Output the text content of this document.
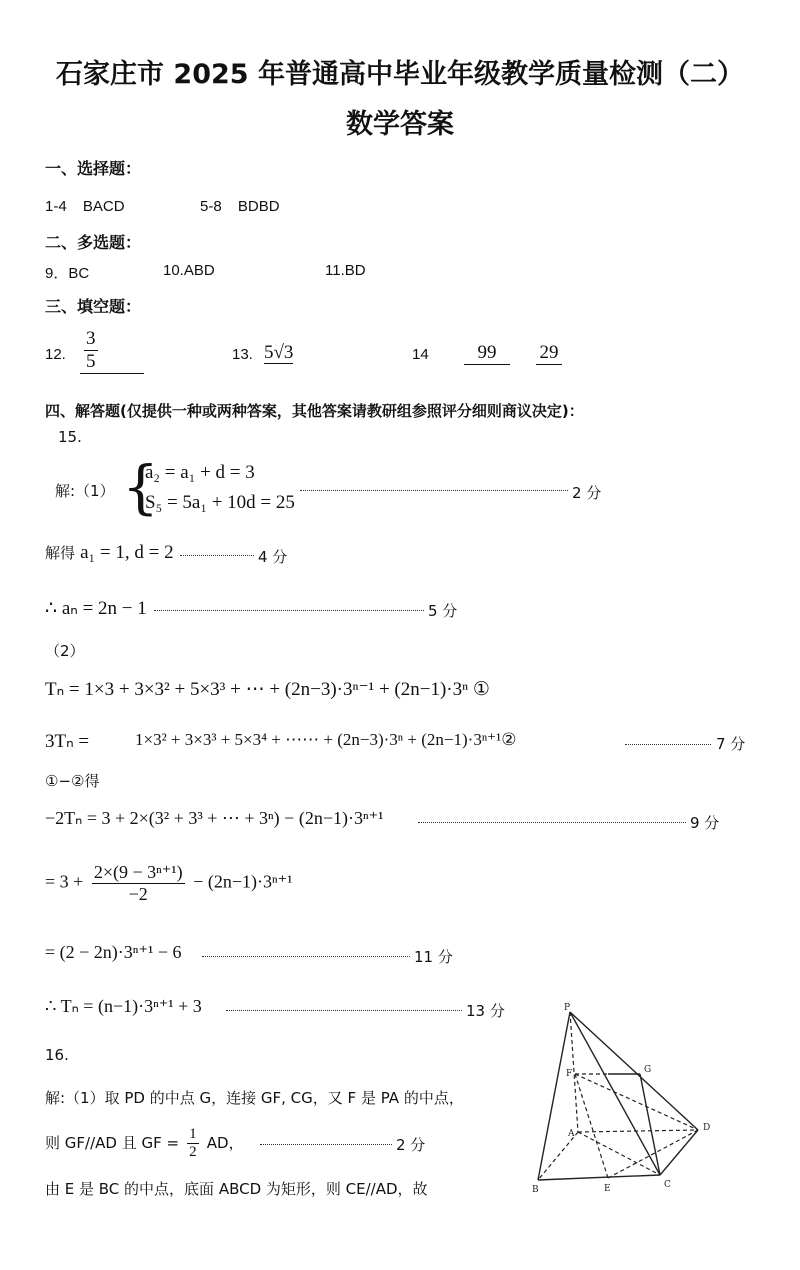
石家庄市 2025 年普通高中毕业年级教学质量检测（二）
数学答案
一、选择题：
1-4 BACD	5-8 BDBD
二、多选题：
9．BC	10.ABD	11.BD
三、填空题：
12. $\frac{3}{5}$	13. 5√3	14	99	29
四、解答题(仅提供一种或两种答案，其他答案请教研组参照评分细则商议决定)：
15.
解:（1） {
a₂ = a₁ + d = 3
S₅ = 5a₁ + 10d = 25	2 分
解得 a₁ = 1, d = 2	4 分
∴ aₙ = 2n − 1	5 分
（2）
Tₙ = 1×3 + 3×3² + 5×3³ + ⋯ + (2n−3)·3ⁿ⁻¹ + (2n−1)·3ⁿ ①
3Tₙ =	1×3² + 3×3³ + 5×3⁴ + ⋯⋯ + (2n−3)·3ⁿ + (2n−1)·3ⁿ⁺¹②	7 分
①−②得
−2Tₙ = 3 + 2×(3² + 3³ + ⋯ + 3ⁿ) − (2n−1)·3ⁿ⁺¹	9 分
= $3 + \frac{\text{2×(9 − 3ⁿ⁺¹)}}{-2} - (2n-1)\cdot 3^{n+1}$
= (2 − 2n)·3ⁿ⁺¹ − 6	11 分
∴ Tₙ = (n−1)·3ⁿ⁺¹ + 3	13 分
16.
解:（1）取 PD 的中点 G，连接 GF, CG，又 F 是 PA 的中点，
则 GF//AD 且 GF = $\frac{1}{2}$ AD，	2 分
由 E 是 BC 的中点，底面 ABCD 为矩形，则 CE//AD，故
P
G
F
A
D
B	E	C
